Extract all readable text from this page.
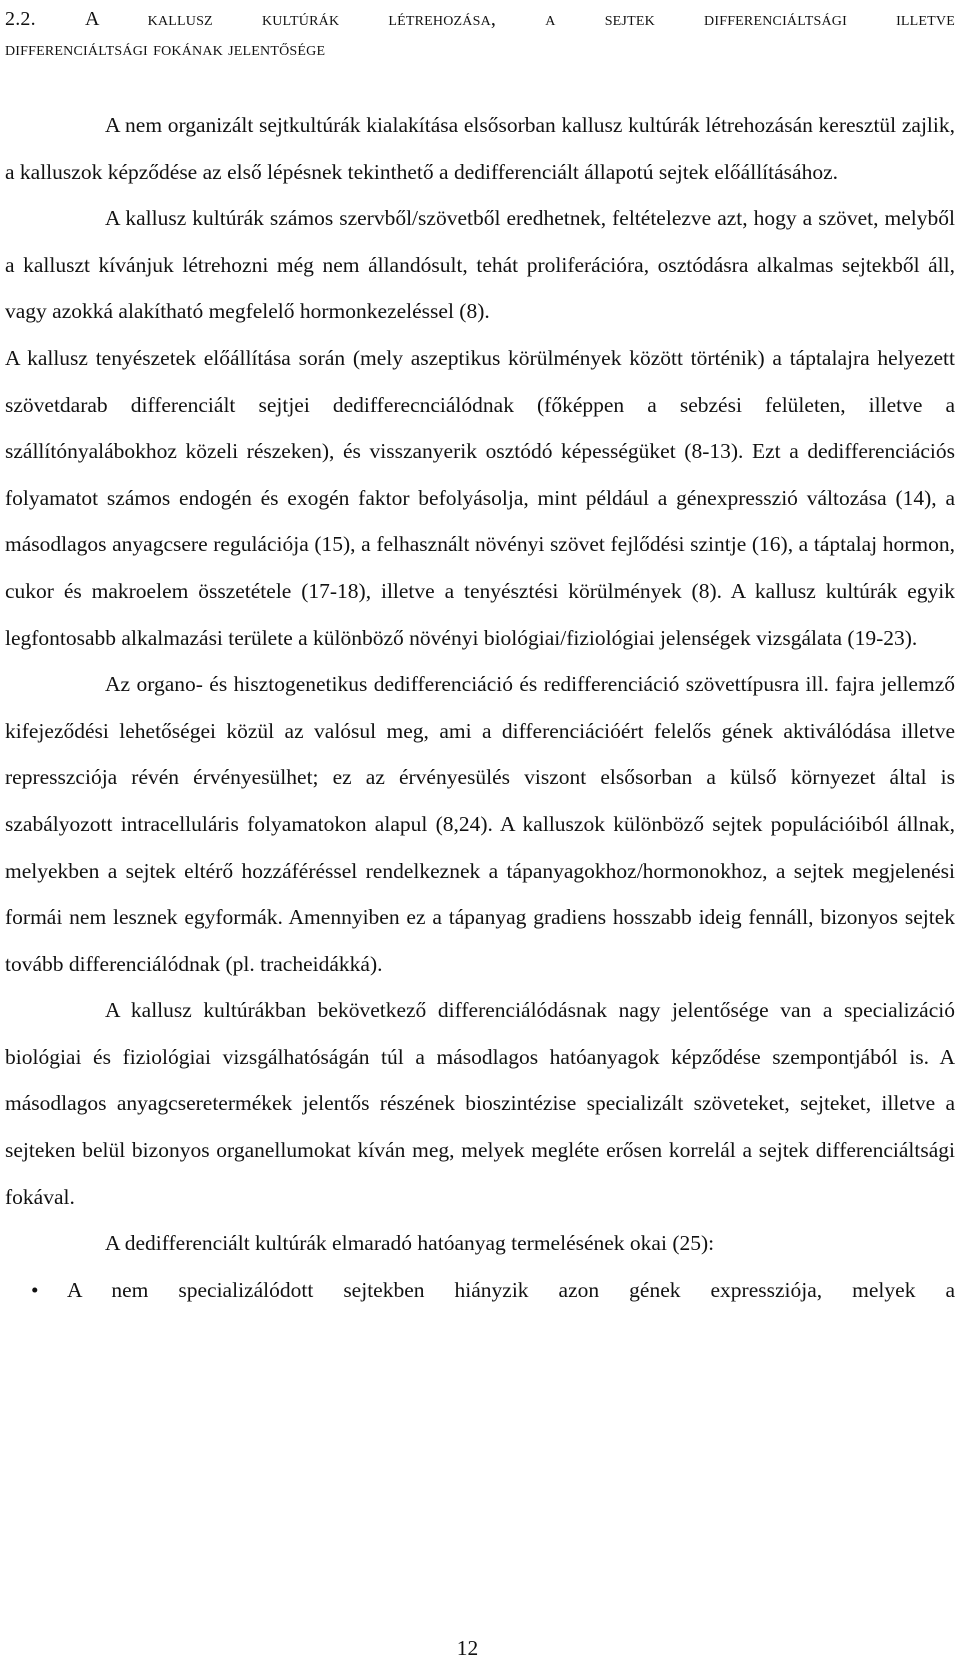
2.2. A kallusz kultúrák létrehozása, a sejtek differenciáltsági illetve
differenciáltsági fokának jelentősége

A nem organizált sejtkultúrák kialakítása elsősorban kallusz kultúrák létrehozásán keresztül zajlik, a kalluszok képződése az első lépésnek tekinthető a dedifferenciált állapotú sejtek előállításához.

A kallusz kultúrák számos szervből/szövetből eredhetnek, feltételezve azt, hogy a szövet, melyből a kalluszt kívánjuk létrehozni még nem állandósult, tehát proliferációra, osztódásra alkalmas sejtekből áll, vagy azokká alakítható megfelelő hormonkezeléssel (8).

A kallusz tenyészetek előállítása során (mely aszeptikus körülmények között történik) a táptalajra helyezett szövetdarab differenciált sejtjei dedifferecnciálódnak (főképpen a sebzési felületen, illetve a szállítónyalábokhoz közeli részeken), és visszanyerik osztódó képességüket (8-13). Ezt a dedifferenciációs folyamatot számos endogén és exogén faktor befolyásolja, mint például a génexpresszió változása (14), a másodlagos anyagcsere regulációja (15), a felhasznált növényi szövet fejlődési szintje (16), a táptalaj hormon, cukor és makroelem összetétele (17-18), illetve a tenyésztési körülmények (8). A kallusz kultúrák egyik legfontosabb alkalmazási területe a különböző növényi biológiai/fiziológiai jelenségek vizsgálata (19-23).

Az organo- és hisztogenetikus dedifferenciáció és redifferenciáció szövettípusra ill. fajra jellemző kifejeződési lehetőségei közül az valósul meg, ami a differenciációért felelős gének aktiválódása illetve represszciója révén érvényesülhet; ez az érvényesülés viszont elsősorban a külső környezet által is szabályozott intracelluláris folyamatokon alapul (8,24). A kalluszok különböző sejtek populációiból állnak, melyekben a sejtek eltérő hozzáféréssel rendelkeznek a tápanyagokhoz/hormonokhoz, a sejtek megjelenési formái nem lesznek egyformák. Amennyiben ez a tápanyag gradiens hosszabb ideig fennáll, bizonyos sejtek tovább differenciálódnak (pl. tracheidákká).

A kallusz kultúrákban bekövetkező differenciálódásnak nagy jelentősége van a specializáció biológiai és fiziológiai vizsgálhatóságán túl a másodlagos hatóanyagok képződése szempontjából is. A másodlagos anyagcseretermékek jelentős részének bioszintézise specializált szöveteket, sejteket, illetve a sejteken belül bizonyos organellumokat kíván meg, melyek megléte erősen korrelál a sejtek differenciáltsági fokával.

A dedifferenciált kultúrák elmaradó hatóanyag termelésének okai (25):

•	A nem specializálódott sejtekben hiányzik azon gének expressziója, melyek a
12
